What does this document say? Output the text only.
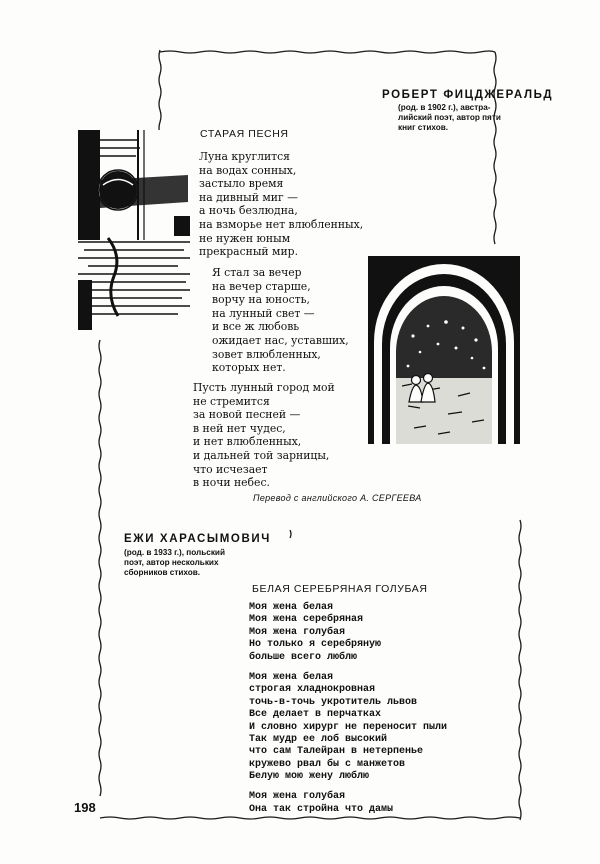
РОБЕРТ ФИЦДЖЕРАЛЬД
(род. в 1902 г.), австра-
лийский поэт, автор пяти
книг стихов.
СТАРАЯ ПЕСНЯ
Луна круглится
на водах сонных,
застыло время
на дивный миг —
а ночь безлюдна,
на взморье нет влюбленных,
не нужен юным
прекрасный мир.
Я стал за вечер
на вечер старше,
ворчу на юность,
на лунный свет —
и все ж любовь
ожидает нас, уставших,
зовет влюбленных,
которых нет.
Пусть лунный город мой
не стремится
за новой песней —
в ней нет чудес,
и нет влюбленных,
и дальней той зарницы,
что исчезает
в ночи небес.
Перевод с английского А. СЕРГЕЕВА
ЕЖИ ХАРАСЫМОВИЧ
(род. в 1933 г.), польский
поэт, автор нескольких
сборников стихов.
БЕЛАЯ СЕРЕБРЯНАЯ ГОЛУБАЯ
Моя жена белая
Моя жена серебряная
Моя жена голубая
Но только я серебряную
больше всего люблю
Моя жена белая
строгая хладнокровная
точь-в-точь укротитель львов
Все делает в перчатках
И словно хирург не переносит пыли
Так мудр ее лоб высокий
что сам Талейран в нетерпенье
кружево рвал бы с манжетов
Белую мою жену люблю
Моя жена голубая
Она так стройна что дамы
198
